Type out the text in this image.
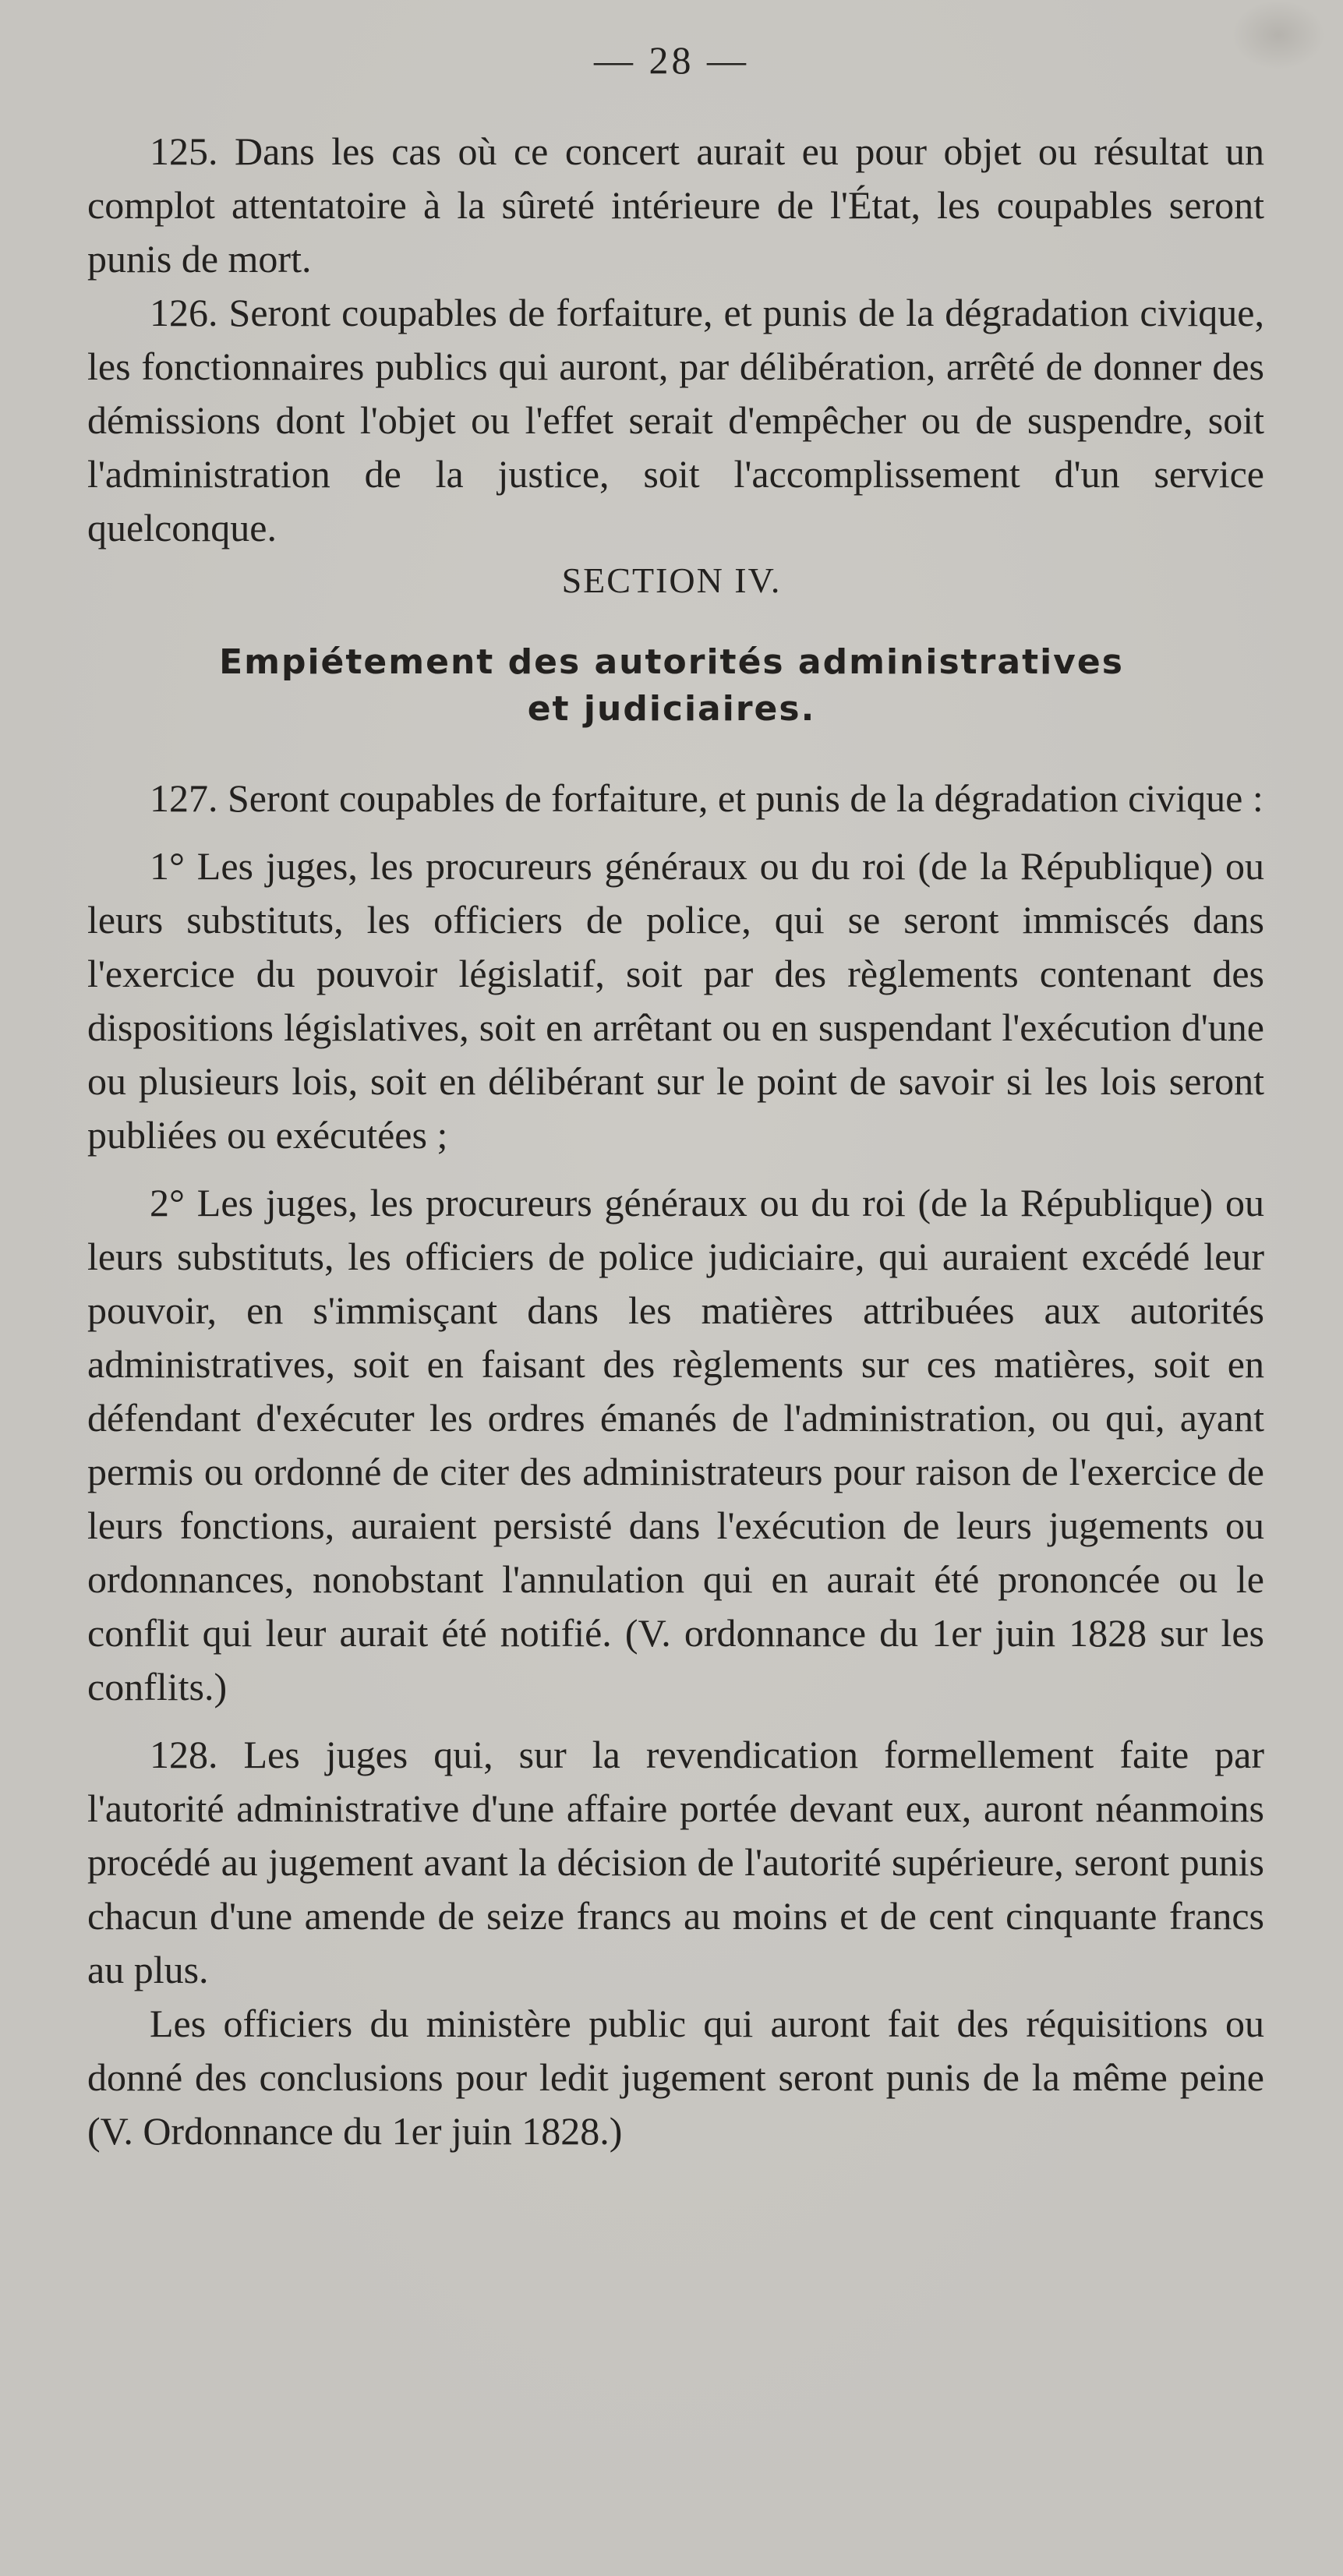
— 28 —

125. Dans les cas où ce concert aurait eu pour objet ou résultat un complot attentatoire à la sûreté intérieure de l'État, les coupables seront punis de mort.

126. Seront coupables de forfaiture, et punis de la dégradation civique, les fonctionnaires publics qui auront, par délibération, arrêté de donner des démissions dont l'objet ou l'effet serait d'empêcher ou de suspendre, soit l'administration de la justice, soit l'accomplissement d'un service quelconque.

SECTION IV.
Empiétement des autorités administratives
et judiciaires.

127. Seront coupables de forfaiture, et punis de la dégradation civique :

1° Les juges, les procureurs généraux ou du roi (de la République) ou leurs substituts, les officiers de police, qui se seront immiscés dans l'exercice du pouvoir législatif, soit par des règlements contenant des dispositions législatives, soit en arrêtant ou en suspendant l'exécution d'une ou plusieurs lois, soit en délibérant sur le point de savoir si les lois seront publiées ou exécutées ;

2° Les juges, les procureurs généraux ou du roi (de la République) ou leurs substituts, les officiers de police judiciaire, qui auraient excédé leur pouvoir, en s'immisçant dans les matières attribuées aux autorités administratives, soit en faisant des règlements sur ces matières, soit en défendant d'exécuter les ordres émanés de l'administration, ou qui, ayant permis ou ordonné de citer des administrateurs pour raison de l'exercice de leurs fonctions, auraient persisté dans l'exécution de leurs jugements ou ordonnances, nonobstant l'annulation qui en aurait été prononcée ou le conflit qui leur aurait été notifié. (V. ordonnance du 1er juin 1828 sur les conflits.)

128. Les juges qui, sur la revendication formellement faite par l'autorité administrative d'une affaire portée devant eux, auront néanmoins procédé au jugement avant la décision de l'autorité supérieure, seront punis chacun d'une amende de seize francs au moins et de cent cinquante francs au plus.

Les officiers du ministère public qui auront fait des réquisitions ou donné des conclusions pour ledit jugement seront punis de la même peine (V. Ordonnance du 1er juin 1828.)
